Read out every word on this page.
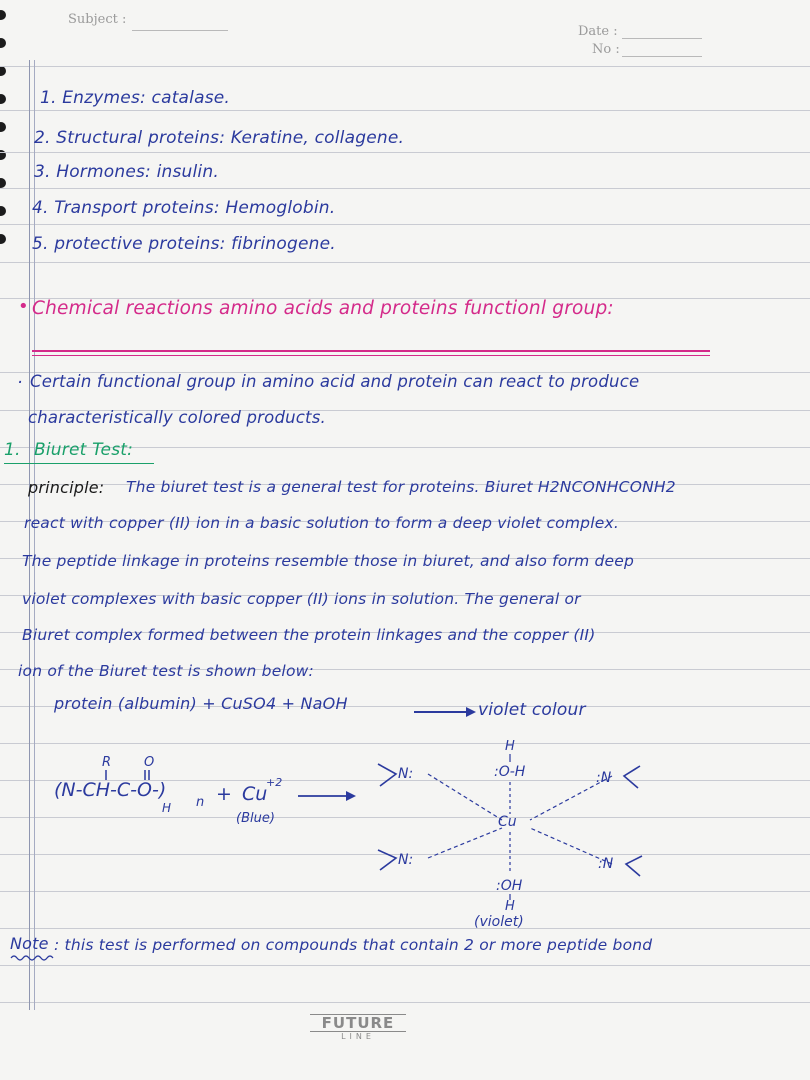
Subject :
Date :
No :
1. Enzymes: catalase.
2. Structural proteins: Keratine, collagene.
3. Hormones: insulin.
4. Transport proteins: Hemoglobin.
5. protective proteins: fibrinogene.
• Chemical reactions amino acids and proteins functionl group:
. Certain functional group in amino acid and protein can react to produce
characteristically colored products.
1. Biuret Test:
principle: The biuret test is a general test for proteins. Biuret H2NCONHCONH2
react with copper (II) ion in a basic solution to form a deep violet complex.
The peptide linkage in proteins resemble those in biuret, and also form deep
violet complexes with basic copper (II) ions in solution. The general or
Biuret complex formed between the protein linkages and the copper (II)
ion of the Biuret test is shown below:
protein (albumin) + CuSO4 + NaOH	violet colour
R	O
(N-CH-C-O-)
H n + Cu
+2
(Blue)
N:
N:
:N
:N
H
:O-H
Cu
:OH
H
(violet)
Note : this test is performed on compounds that contain 2 or more peptide bond
FUTURE
LINE
